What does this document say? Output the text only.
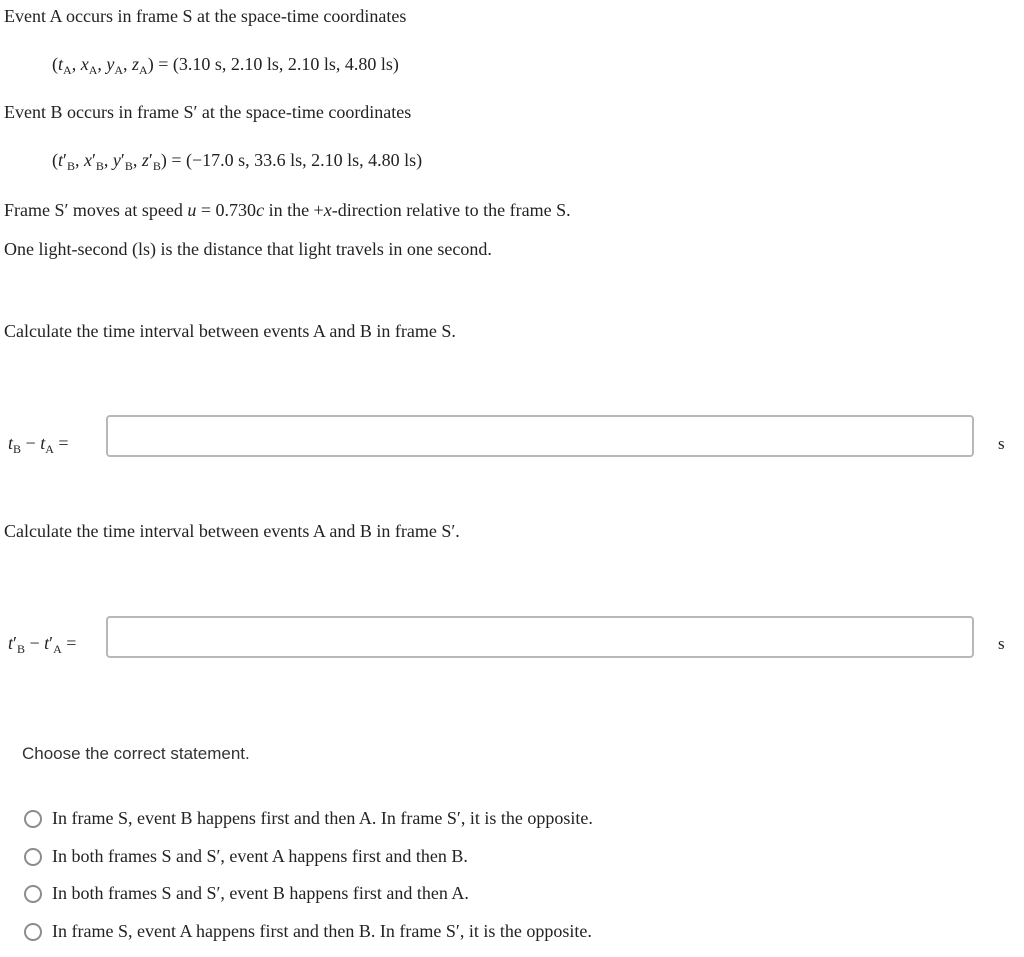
Event A occurs in frame S at the space-time coordinates
($t_A$, $x_A$, $y_A$, $z_A) = (3.10$ s, 2.10 ls, 2.10 ls, 4.80 ls)
Event B occurs in frame S′ at the space-time coordinates
($t'_B$, $x'_B$, $y'_B$, $z'_B) = (-17.0$ s, 33.6 ls, 2.10 ls, 4.80 ls)
Frame S′ moves at speed u = 0.730c in the +x-direction relative to the frame S.
One light-second (ls) is the distance that light travels in one second.
Calculate the time interval between events A and B in frame S.
$t_B - t_A$ =	s
Calculate the time interval between events A and B in frame S′.
$t'_B - t'_A$ =	s
Choose the correct statement.
In frame S, event B happens first and then A. In frame S′, it is the opposite.
In both frames S and S′, event A happens first and then B.
In both frames S and S′, event B happens first and then A.
In frame S, event A happens first and then B. In frame S′, it is the opposite.
